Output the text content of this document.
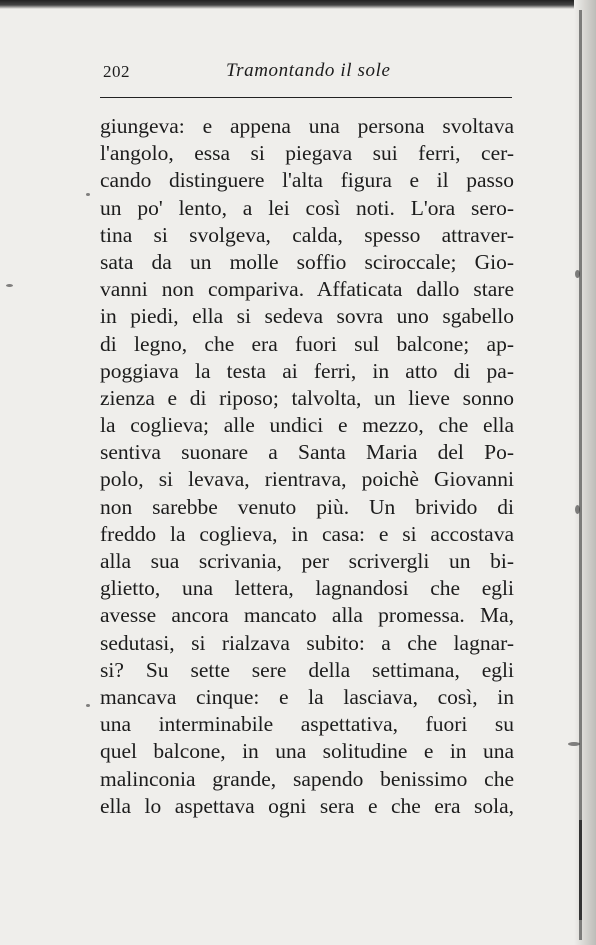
202	Tramontando il sole
giungeva: e appena una persona svoltava
l'angolo, essa si piegava sui ferri, cer-
cando distinguere l'alta figura e il passo
un po' lento, a lei così noti. L'ora sero-
tina si svolgeva, calda, spesso attraver-
sata da un molle soffio sciroccale; Gio-
vanni non compariva. Affaticata dallo stare
in piedi, ella si sedeva sovra uno sgabello
di legno, che era fuori sul balcone; ap-
poggiava la testa ai ferri, in atto di pa-
zienza e di riposo; talvolta, un lieve sonno
la coglieva; alle undici e mezzo, che ella
sentiva suonare a Santa Maria del Po-
polo, si levava, rientrava, poichè Giovanni
non sarebbe venuto più. Un brivido di
freddo la coglieva, in casa: e si accostava
alla sua scrivania, per scrivergli un bi-
glietto, una lettera, lagnandosi che egli
avesse ancora mancato alla promessa. Ma,
sedutasi, si rialzava subito: a che lagnar-
si? Su sette sere della settimana, egli
mancava cinque: e la lasciava, così, in
una interminabile aspettativa, fuori su
quel balcone, in una solitudine e in una
malinconia grande, sapendo benissimo che
ella lo aspettava ogni sera e che era sola,
